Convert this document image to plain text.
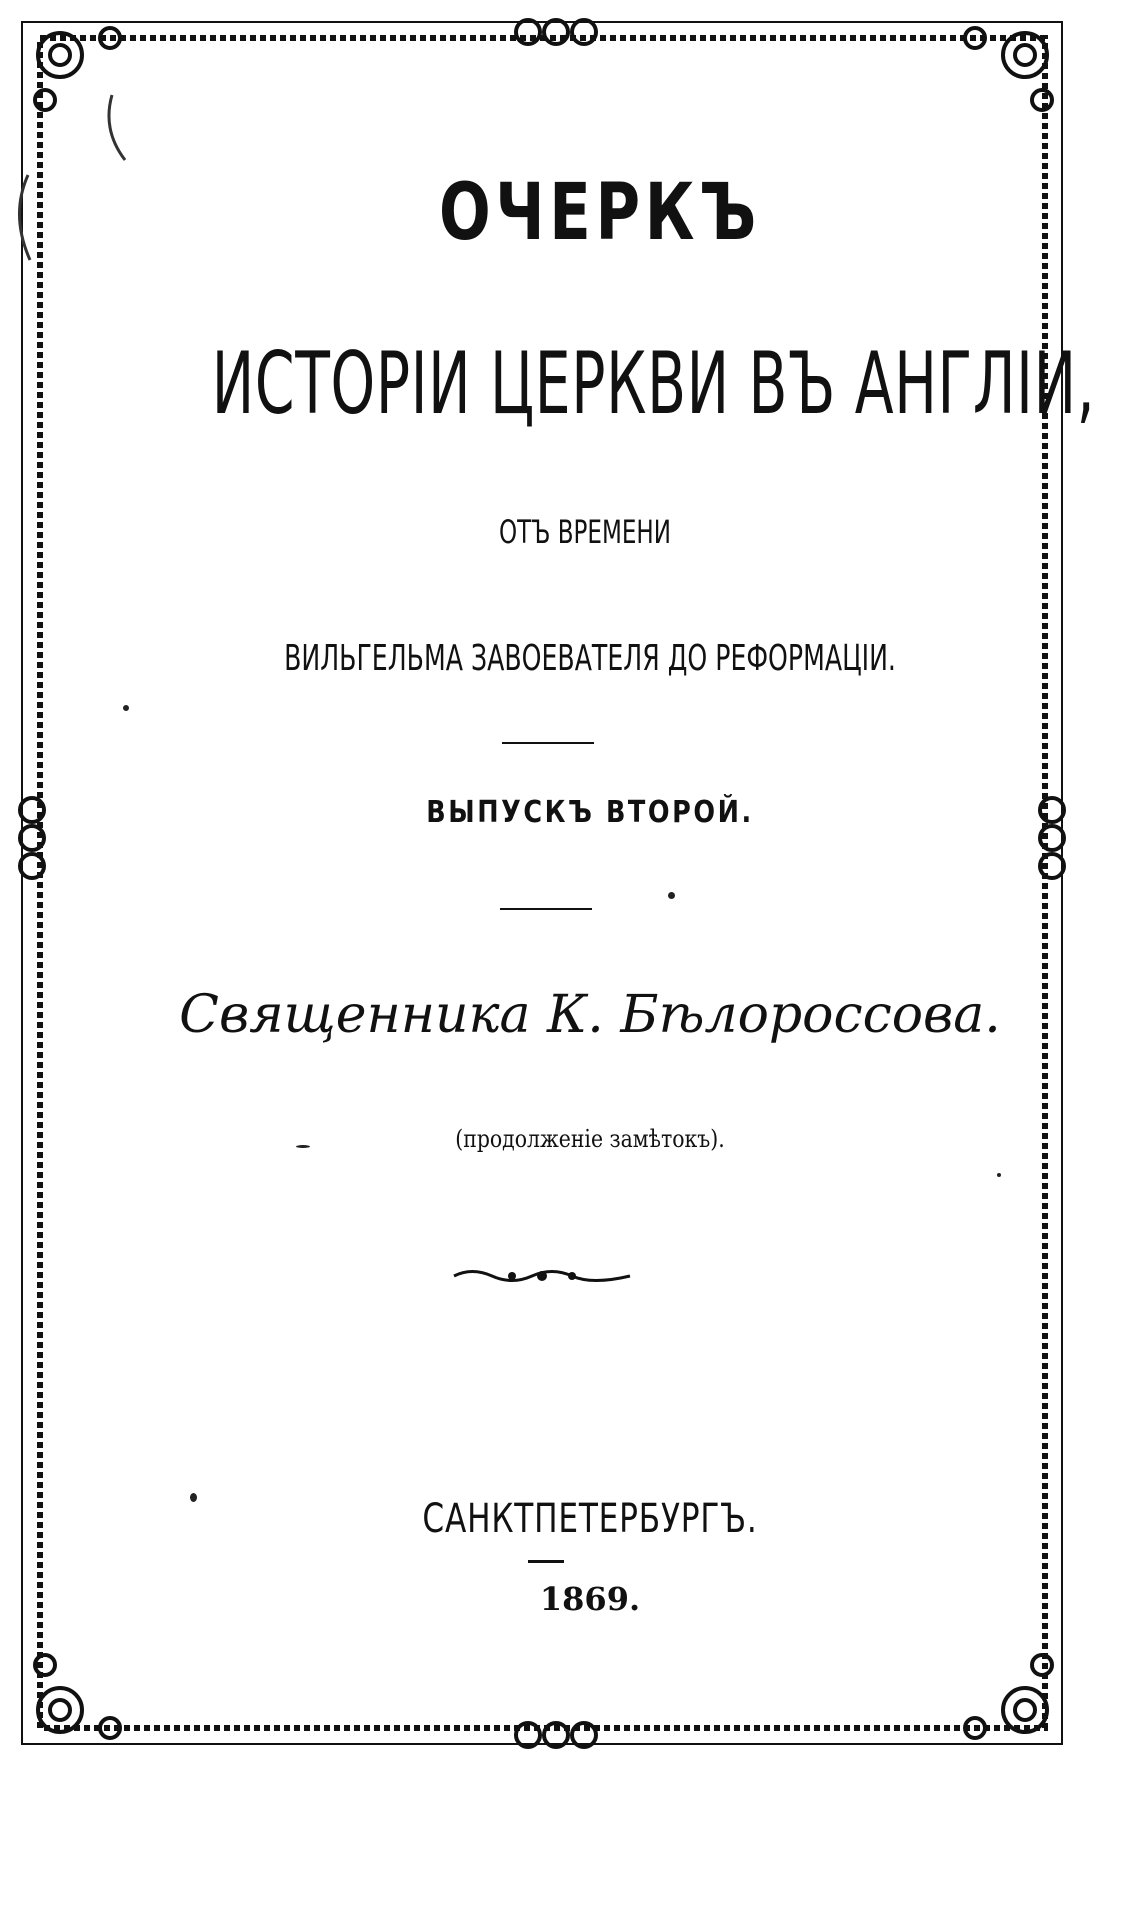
ОЧЕРКЪ
ИСТОРІИ ЦЕРКВИ ВЪ АНГЛІИ,
ОТЪ ВРЕМЕНИ
ВИЛЬГЕЛЬМА ЗАВОЕВАТЕЛЯ ДО РЕФОРМАЦІИ.
ВЫПУСКЪ ВТОРОЙ.
Священника К. Бѣлороссова.
(продолженіе замѣтокъ).
САНКТПЕТЕРБУРГЪ.
1869.
